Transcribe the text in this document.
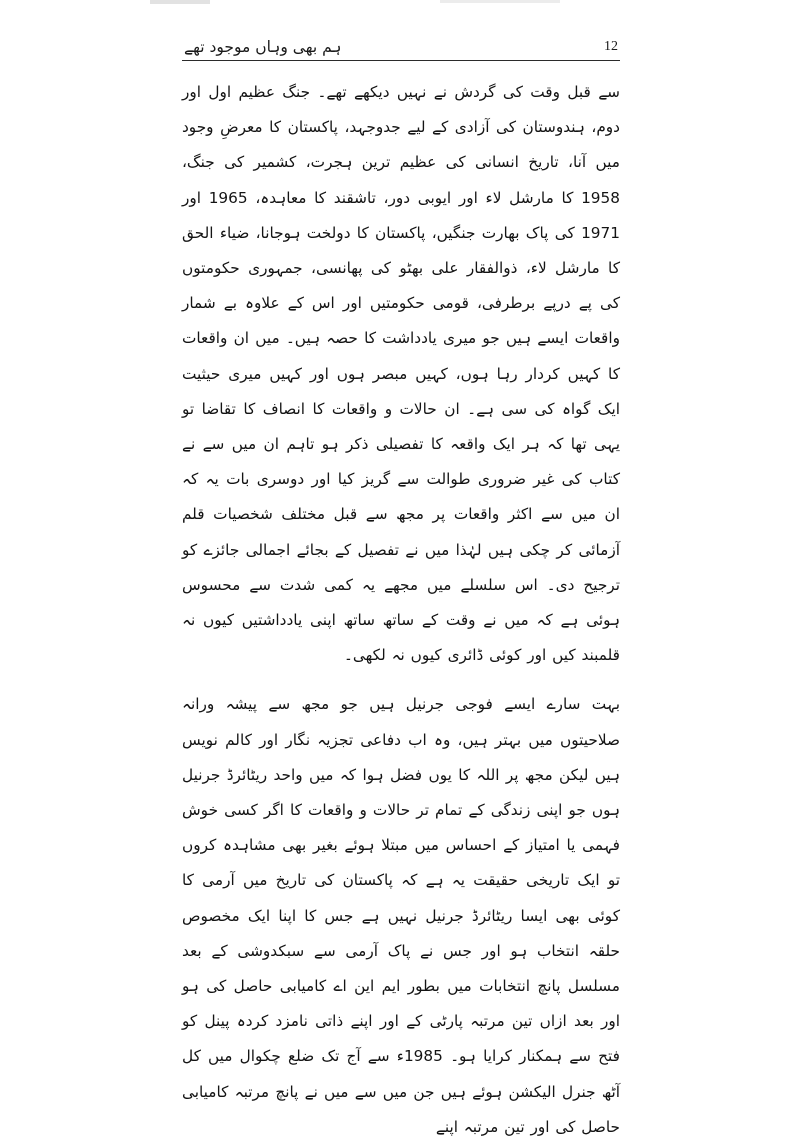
ہم بھی وہاں موجود تھے	12

سے قبل وقت کی گردش نے نہیں دیکھے تھے۔ جنگ عظیم اول اور دوم، ہندوستان کی آزادی کے لیے جدوجہد، پاکستان کا معرضِ وجود میں آنا، تاریخ انسانی کی عظیم ترین ہجرت، کشمیر کی جنگ، 1958 کا مارشل لاء اور ایوبی دور، تاشقند کا معاہدہ، 1965 اور 1971 کی پاک بھارت جنگیں، پاکستان کا دولخت ہوجانا، ضیاء الحق کا مارشل لاء، ذوالفقار علی بھٹو کی پھانسی، جمہوری حکومتوں کی پے درپے برطرفی، قومی حکومتیں اور اس کے علاوہ بے شمار واقعات ایسے ہیں جو میری یادداشت کا حصہ ہیں۔ میں ان واقعات کا کہیں کردار رہا ہوں، کہیں مبصر ہوں اور کہیں میری حیثیت ایک گواہ کی سی ہے۔ ان حالات و واقعات کا انصاف کا تقاضا تو یہی تھا کہ ہر ایک واقعہ کا تفصیلی ذکر ہو تاہم ان میں سے نے کتاب کی غیر ضروری طوالت سے گریز کیا اور دوسری بات یہ کہ ان میں سے اکثر واقعات پر مجھ سے قبل مختلف شخصیات قلم آزمائی کر چکی ہیں لہٰذا میں نے تفصیل کے بجائے اجمالی جائزے کو ترجیح دی۔ اس سلسلے میں مجھے یہ کمی شدت سے محسوس ہوئی ہے کہ میں نے وقت کے ساتھ ساتھ اپنی یادداشتیں کیوں نہ قلمبند کیں اور کوئی ڈائری کیوں نہ لکھی۔

بہت سارے ایسے فوجی جرنیل ہیں جو مجھ سے پیشہ ورانہ صلاحیتوں میں بہتر ہیں، وہ اب دفاعی تجزیہ نگار اور کالم نویس ہیں لیکن مجھ پر اللہ کا یوں فضل ہوا کہ میں واحد ریٹائرڈ جرنیل ہوں جو اپنی زندگی کے تمام تر حالات و واقعات کا اگر کسی خوش فہمی یا امتیاز کے احساس میں مبتلا ہوئے بغیر بھی مشاہدہ کروں تو ایک تاریخی حقیقت یہ ہے کہ پاکستان کی تاریخ میں آرمی کا کوئی بھی ایسا ریٹائرڈ جرنیل نہیں ہے جس کا اپنا ایک مخصوص حلقہ انتخاب ہو اور جس نے پاک آرمی سے سبکدوشی کے بعد مسلسل پانچ انتخابات میں بطور ایم این اے کامیابی حاصل کی ہو اور بعد ازاں تین مرتبہ پارٹی کے اور اپنے ذاتی نامزد کردہ پینل کو فتح سے ہمکنار کرایا ہو۔ 1985ء سے آج تک ضلع چکوال میں کل آٹھ جنرل الیکشن ہوئے ہیں جن میں سے میں نے پانچ مرتبہ کامیابی حاصل کی اور تین مرتبہ اپنے
